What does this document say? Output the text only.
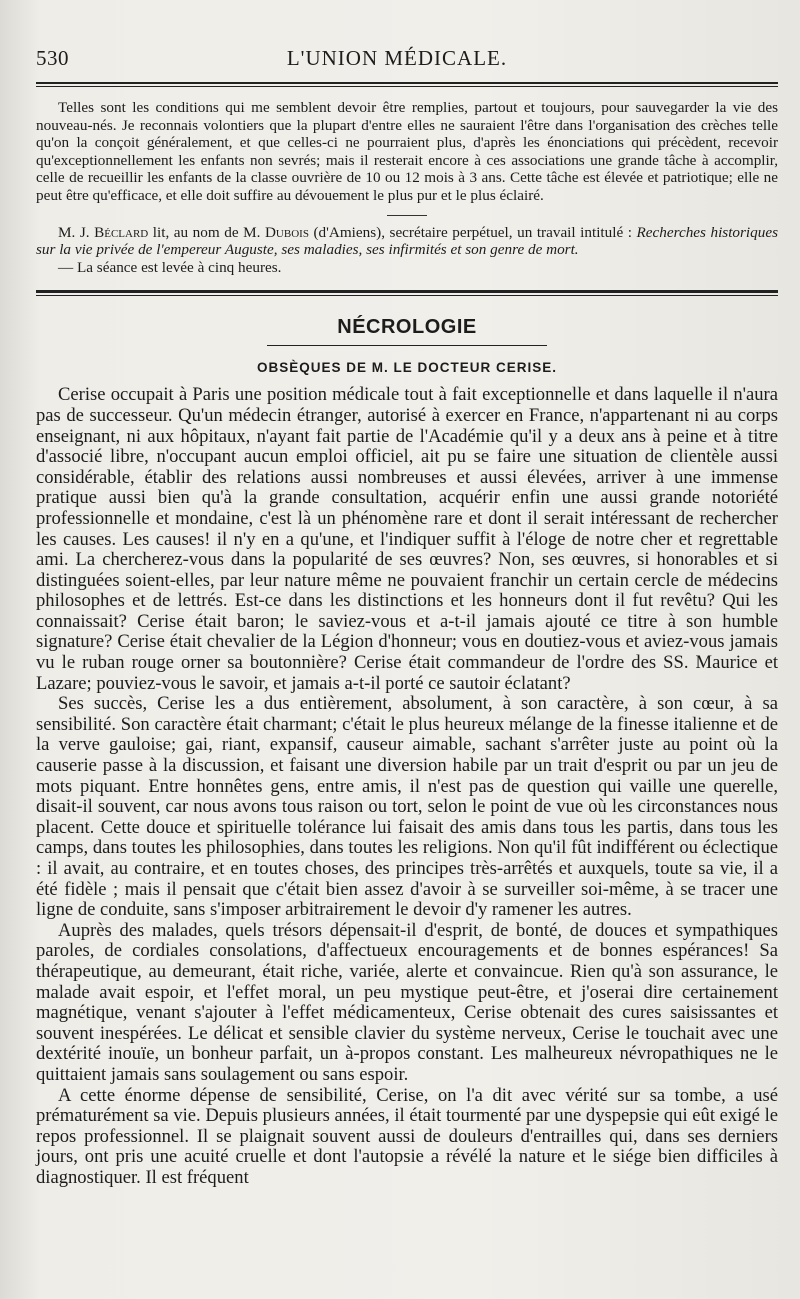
530	L'UNION MÉDICALE.

Telles sont les conditions qui me semblent devoir être remplies, partout et toujours, pour sauvegarder la vie des nouveau-nés. Je reconnais volontiers que la plupart d'entre elles ne sauraient l'être dans l'organisation des crèches telle qu'on la conçoit généralement, et que celles-ci ne pourraient plus, d'après les énonciations qui précèdent, recevoir qu'exceptionnellement les enfants non sevrés; mais il resterait encore à ces associations une grande tâche à accomplir, celle de recueillir les enfants de la classe ouvrière de 10 ou 12 mois à 3 ans. Cette tâche est élevée et patriotique; elle ne peut être qu'efficace, et elle doit suffire au dévouement le plus pur et le plus éclairé.

M. J. Béclard lit, au nom de M. Dubois (d'Amiens), secrétaire perpétuel, un travail intitulé : Recherches historiques sur la vie privée de l'empereur Auguste, ses maladies, ses infirmités et son genre de mort.

— La séance est levée à cinq heures.

NÉCROLOGIE
OBSÈQUES DE M. LE DOCTEUR CERISE.

Cerise occupait à Paris une position médicale tout à fait exceptionnelle et dans laquelle il n'aura pas de successeur. Qu'un médecin étranger, autorisé à exercer en France, n'appartenant ni au corps enseignant, ni aux hôpitaux, n'ayant fait partie de l'Académie qu'il y a deux ans à peine et à titre d'associé libre, n'occupant aucun emploi officiel, ait pu se faire une situation de clientèle aussi considérable, établir des relations aussi nombreuses et aussi élevées, arriver à une immense pratique aussi bien qu'à la grande consultation, acquérir enfin une aussi grande notoriété professionnelle et mondaine, c'est là un phénomène rare et dont il serait intéressant de rechercher les causes. Les causes! il n'y en a qu'une, et l'indiquer suffit à l'éloge de notre cher et regrettable ami. La chercherez-vous dans la popularité de ses œuvres? Non, ses œuvres, si honorables et si distinguées soient-elles, par leur nature même ne pouvaient franchir un certain cercle de médecins philosophes et de lettrés. Est-ce dans les distinctions et les honneurs dont il fut revêtu? Qui les connaissait? Cerise était baron; le saviez-vous et a-t-il jamais ajouté ce titre à son humble signature? Cerise était chevalier de la Légion d'honneur; vous en doutiez-vous et aviez-vous jamais vu le ruban rouge orner sa boutonnière? Cerise était commandeur de l'ordre des SS. Maurice et Lazare; pouviez-vous le savoir, et jamais a-t-il porté ce sautoir éclatant?

Ses succès, Cerise les a dus entièrement, absolument, à son caractère, à son cœur, à sa sensibilité. Son caractère était charmant; c'était le plus heureux mélange de la finesse italienne et de la verve gauloise; gai, riant, expansif, causeur aimable, sachant s'arrêter juste au point où la causerie passe à la discussion, et faisant une diversion habile par un trait d'esprit ou par un jeu de mots piquant. Entre honnêtes gens, entre amis, il n'est pas de question qui vaille une querelle, disait-il souvent, car nous avons tous raison ou tort, selon le point de vue où les circonstances nous placent. Cette douce et spirituelle tolérance lui faisait des amis dans tous les partis, dans tous les camps, dans toutes les philosophies, dans toutes les religions. Non qu'il fût indifférent ou éclectique : il avait, au contraire, et en toutes choses, des principes très-arrêtés et auxquels, toute sa vie, il a été fidèle ; mais il pensait que c'était bien assez d'avoir à se surveiller soi-même, à se tracer une ligne de conduite, sans s'imposer arbitrairement le devoir d'y ramener les autres.

Auprès des malades, quels trésors dépensait-il d'esprit, de bonté, de douces et sympathiques paroles, de cordiales consolations, d'affectueux encouragements et de bonnes espérances! Sa thérapeutique, au demeurant, était riche, variée, alerte et convaincue. Rien qu'à son assurance, le malade avait espoir, et l'effet moral, un peu mystique peut-être, et j'oserai dire certainement magnétique, venant s'ajouter à l'effet médicamenteux, Cerise obtenait des cures saisissantes et souvent inespérées. Le délicat et sensible clavier du système nerveux, Cerise le touchait avec une dextérité inouïe, un bonheur parfait, un à-propos constant. Les malheureux névropathiques ne le quittaient jamais sans soulagement ou sans espoir.

A cette énorme dépense de sensibilité, Cerise, on l'a dit avec vérité sur sa tombe, a usé prématurément sa vie. Depuis plusieurs années, il était tourmenté par une dyspepsie qui eût exigé le repos professionnel. Il se plaignait souvent aussi de douleurs d'entrailles qui, dans ses derniers jours, ont pris une acuité cruelle et dont l'autopsie a révélé la nature et le siége bien difficiles à diagnostiquer. Il est fréquent
